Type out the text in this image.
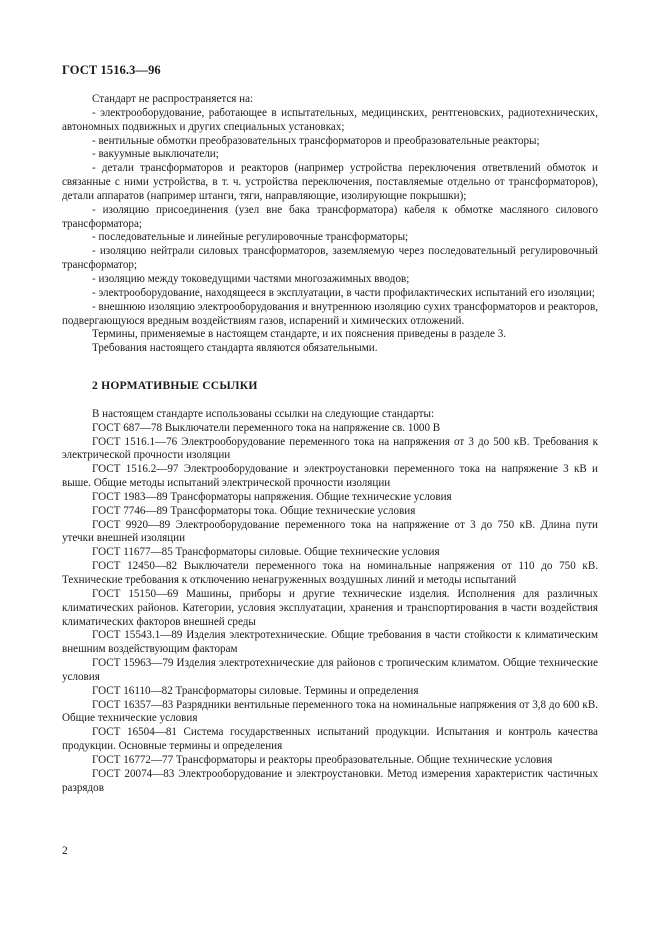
ГОСТ 1516.3—96

Стандарт не распространяется на:

- электрооборудование, работающее в испытательных, медицинских, рентгеновских, радиотехнических, автономных подвижных и других специальных установках;

- вентильные обмотки преобразовательных трансформаторов и преобразовательные реакторы;

- вакуумные выключатели;

- детали трансформаторов и реакторов (например устройства переключения ответвлений обмоток и связанные с ними устройства, в т. ч. устройства переключения, поставляемые отдельно от трансформаторов), детали аппаратов (например штанги, тяги, направляющие, изолирующие покрышки);

- изоляцию присоединения (узел вне бака трансформатора) кабеля к обмотке масляного силового трансформатора;

- последовательные и линейные регулировочные трансформаторы;

- изоляцию нейтрали силовых трансформаторов, заземляемую через последовательный регулировочный трансформатор;

- изоляцию между токоведущими частями многозажимных вводов;

- электрооборудование, находящееся в эксплуатации, в части профилактических испытаний его изоляции;

- внешнюю изоляцию электрооборудования и внутреннюю изоляцию сухих трансформаторов и реакторов, подвергающуюся вредным воздействиям газов, испарений и химических отложений.

Термины, применяемые в настоящем стандарте, и их пояснения приведены в разделе 3.

Требования настоящего стандарта являются обязательными.

2 НОРМАТИВНЫЕ ССЫЛКИ

В настоящем стандарте использованы ссылки на следующие стандарты:

ГОСТ 687—78 Выключатели переменного тока на напряжение св. 1000 В

ГОСТ 1516.1—76 Электрооборудование переменного тока на напряжения от 3 до 500 кВ. Требования к электрической прочности изоляции

ГОСТ 1516.2—97 Электрооборудование и электроустановки переменного тока на напряжение 3 кВ и выше. Общие методы испытаний электрической прочности изоляции

ГОСТ 1983—89 Трансформаторы напряжения. Общие технические условия

ГОСТ 7746—89 Трансформаторы тока. Общие технические условия

ГОСТ 9920—89 Электрооборудование переменного тока на напряжение от 3 до 750 кВ. Длина пути утечки внешней изоляции

ГОСТ 11677—85 Трансформаторы силовые. Общие технические условия

ГОСТ 12450—82 Выключатели переменного тока на номинальные напряжения от 110 до 750 кВ. Технические требования к отключению ненагруженных воздушных линий и методы испытаний

ГОСТ 15150—69 Машины, приборы и другие технические изделия. Исполнения для различных климатических районов. Категории, условия эксплуатации, хранения и транспортирования в части воздействия климатических факторов внешней среды

ГОСТ 15543.1—89 Изделия электротехнические. Общие требования в части стойкости к климатическим внешним воздействующим факторам

ГОСТ 15963—79 Изделия электротехнические для районов с тропическим климатом. Общие технические условия

ГОСТ 16110—82 Трансформаторы силовые. Термины и определения

ГОСТ 16357—83 Разрядники вентильные переменного тока на номинальные напряжения от 3,8 до 600 кВ. Общие технические условия

ГОСТ 16504—81 Система государственных испытаний продукции. Испытания и контроль качества продукции. Основные термины и определения

ГОСТ 16772—77 Трансформаторы и реакторы преобразовательные. Общие технические условия

ГОСТ 20074—83 Электрооборудование и электроустановки. Метод измерения характеристик частичных разрядов

2
